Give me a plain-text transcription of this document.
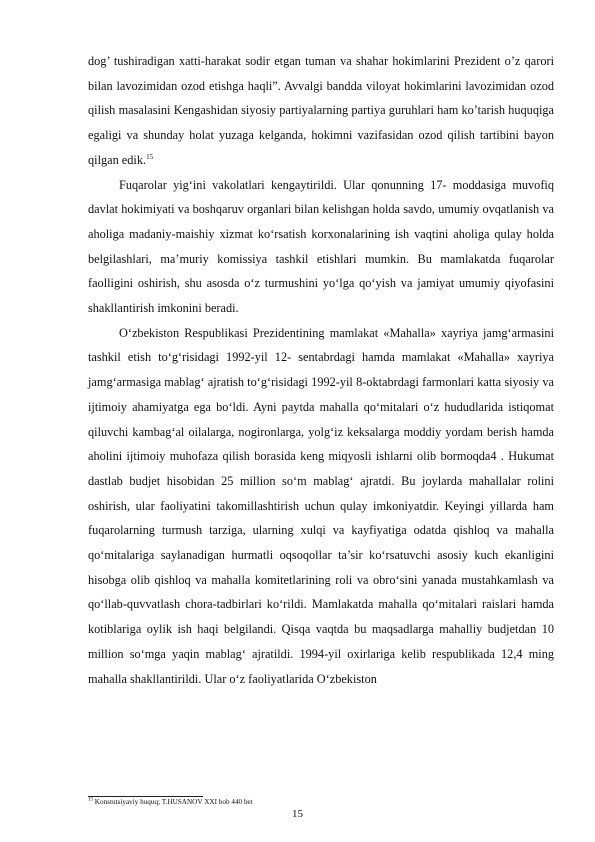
dog’ tushiradigan xatti-harakat sodir etgan tuman va shahar hokimlarini Prezident o’z qarori bilan lavozimidan ozod etishga haqli”. Avvalgi bandda viloyat hokimlarini lavozimidan ozod qilish masalasini Kengashidan siyosiy partiyalarning partiya guruhlari ham ko’tarish huquqiga egaligi va shunday holat yuzaga kelganda, hokimni vazifasidan ozod qilish tartibini bayon qilgan edik.$^{15}$

Fuqarolar yig‘ini vakolatlari kengaytirildi. Ular qonunning 17- moddasiga muvofiq davlat hokimiyati va boshqaruv organlari bilan kelishgan holda savdo, umumiy ovqatlanish va aholiga madaniy-maishiy xizmat ko‘rsatish korxonalarining ish vaqtini aholiga qulay holda belgilashlari, ma’muriy komissiya tashkil etishlari mumkin. Bu mamlakatda fuqarolar faolligini oshirish, shu asosda o‘z turmushini yo‘lga qo‘yish va jamiyat umumiy qiyofasini shakllantirish imkonini beradi.

O‘zbekiston Respublikasi Prezidentining mamlakat «Mahalla» xayriya jamg‘armasini tashkil etish to‘g‘risidagi 1992-yil 12- sentabrdagi hamda mamlakat «Mahalla» xayriya jamg‘armasiga mablag‘ ajratish to‘g‘risidagi 1992-yil 8-oktabrdagi farmonlari katta siyosiy va ijtimoiy ahamiyatga ega bo‘ldi. Ayni paytda mahalla qo‘mitalari o‘z hududlarida istiqomat qiluvchi kambag‘al oilalarga, nogironlarga, yolg‘iz keksalarga moddiy yordam berish hamda aholini ijtimoiy muhofaza qilish borasida keng miqyosli ishlarni olib bormoqda4 . Hukumat dastlab budjet hisobidan 25 million so‘m mablag‘ ajratdi. Bu joylarda mahallalar rolini oshirish, ular faoliyatini takomillashtirish uchun qulay imkoniyatdir. Keyingi yillarda ham fuqarolarning turmush tarziga, ularning xulqi va kayfiyatiga odatda qishloq va mahalla qo‘mitalariga saylanadigan hurmatli oqsoqollar ta’sir ko‘rsatuvchi asosiy kuch ekanligini hisobga olib qishloq va mahalla komitetlarining roli va obro‘sini yanada mustahkamlash va qo‘llab-quvvatlash chora-tadbirlari ko‘rildi. Mamlakatda mahalla qo‘mitalari raislari hamda kotiblariga oylik ish haqi belgilandi. Qisqa vaqtda bu maqsadlarga mahalliy budjetdan 10 million so‘mga yaqin mablag‘ ajratildi. 1994-yil oxirlariga kelib respublikada 12,4 ming mahalla shakllantirildi. Ular o‘z faoliyatlarida O‘zbekiston

$^{15}$ Konstutsiyaviy huquq; T.HUSANOV XXI bob 440 bet
15
